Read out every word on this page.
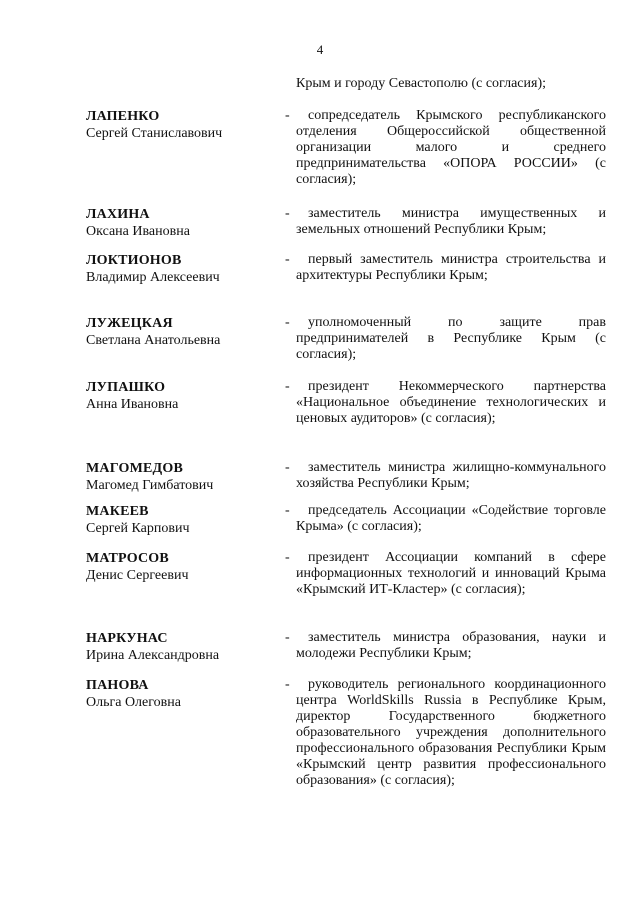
4
Крым и городу Севастополю (с согласия);
ЛАПЕНКО
Сергей Станиславович
-	сопредседатель Крымского республиканского отделения Общероссийской общественной организации малого и среднего предпринимательства «ОПОРА РОССИИ» (с согласия);
ЛАХИНА
Оксана Ивановна
-	заместитель министра имущественных и земельных отношений Республики Крым;
ЛОКТИОНОВ
Владимир Алексеевич
-	первый заместитель министра строительства и архитектуры Республики Крым;
ЛУЖЕЦКАЯ
Светлана Анатольевна
-	уполномоченный по защите прав предпринимателей в Республике Крым (с согласия);
ЛУПАШКО
Анна Ивановна
-	президент Некоммерческого партнерства «Национальное объединение технологических и ценовых аудиторов» (с согласия);
МАГОМЕДОВ
Магомед Гимбатович
-	заместитель министра жилищно-коммунального хозяйства Республики Крым;
МАКЕЕВ
Сергей Карпович
-	председатель Ассоциации «Содействие торговле Крыма» (с согласия);
МАТРОСОВ
Денис Сергеевич
-	президент Ассоциации компаний в сфере информационных технологий и инноваций Крыма «Крымский ИТ-Кластер» (с согласия);
НАРКУНАС
Ирина Александровна
-	заместитель министра образования, науки и молодежи Республики Крым;
ПАНОВА
Ольга Олеговна
-	руководитель регионального координационного центра WorldSkills Russia в Республике Крым, директор Государственного бюджетного образовательного учреждения дополнительного профессионального образования Республики Крым «Крымский центр развития профессионального образования» (с согласия);
